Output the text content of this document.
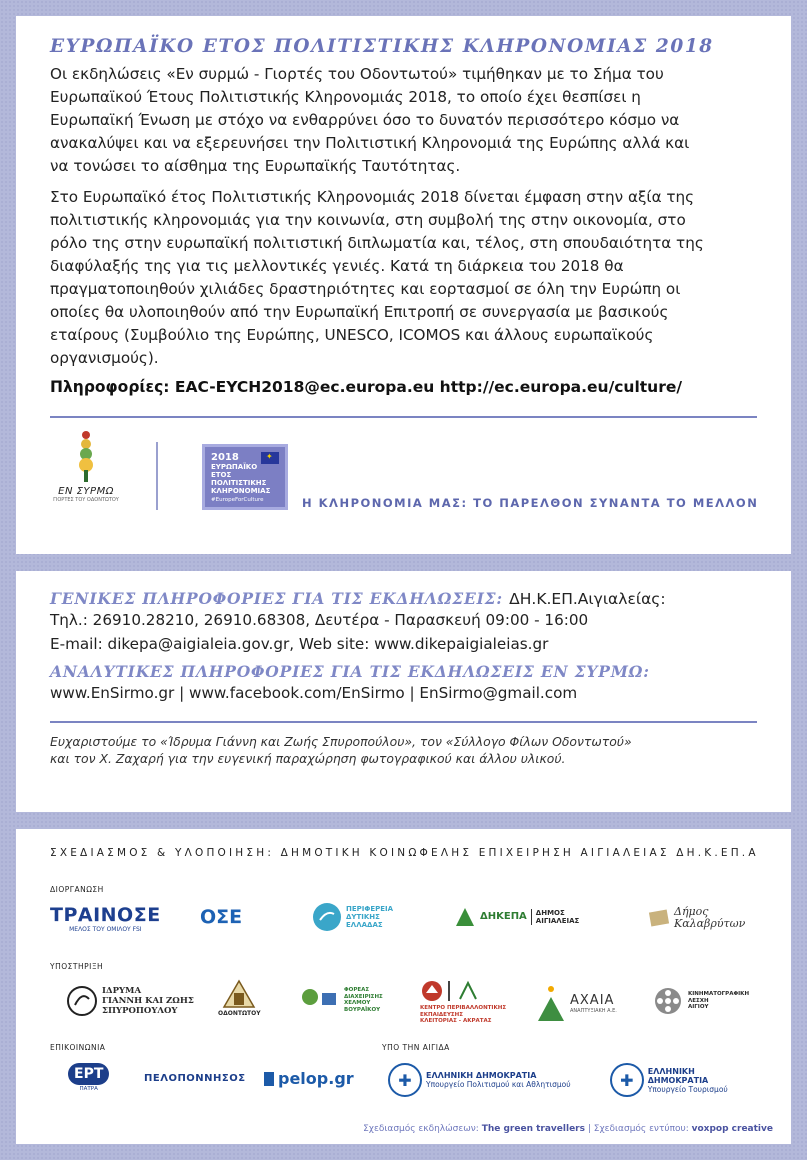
ΕΥΡΩΠΑΪΚΟ ΕΤΟΣ ΠΟΛΙΤΙΣΤΙΚΗΣ ΚΛΗΡΟΝΟΜΙΑΣ 2018
Οι εκδηλώσεις «Εν συρμώ - Γιορτές του Οδοντωτού» τιμήθηκαν με το Σήμα του
Ευρωπαϊκού Έτους Πολιτιστικής Κληρονομιάς 2018, το οποίο έχει θεσπίσει η
Ευρωπαϊκή Ένωση με στόχο να ενθαρρύνει όσο το δυνατόν περισσότερο κόσμο να
ανακαλύψει και να εξερευνήσει την Πολιτιστική Κληρονομιά της Ευρώπης αλλά και
να τονώσει το αίσθημα της Ευρωπαϊκής Ταυτότητας.
Στο Ευρωπαϊκό έτος Πολιτιστικής Κληρονομιάς 2018 δίνεται έμφαση στην αξία της
πολιτιστικής κληρονομιάς για την κοινωνία, στη συμβολή της στην οικονομία, στο
ρόλο της στην ευρωπαϊκή πολιτιστική διπλωματία και, τέλος, στη σπουδαιότητα της
διαφύλαξής της για τις μελλοντικές γενιές. Κατά τη διάρκεια του 2018 θα
πραγματοποιηθούν χιλιάδες δραστηριότητες και εορτασμοί σε όλη την Ευρώπη οι
οποίες θα υλοποιηθούν από την Ευρωπαϊκή Επιτροπή σε συνεργασία με βασικούς
εταίρους (Συμβούλιο της Ευρώπης, UNESCO, ICOMOS και άλλους ευρωπαϊκούς
οργανισμούς).
Πληροφορίες: EAC-EYCH2018@ec.europa.eu http://ec.europa.eu/culture/
ΕΝ ΣΥΡΜΩ
ΓΙΟΡΤΕΣ ΤΟΥ ΟΔΟΝΤΩΤΟΥ
✦
2018
ΕΥΡΩΠΑΪΚΟ ΕΤΟΣ
ΠΟΛΙΤΙΣΤΙΚΗΣ
ΚΛΗΡΟΝΟΜΙΑΣ
#EuropeForCulture	Η ΚΛΗΡΟΝΟΜΙΑ ΜΑΣ: ΤΟ ΠΑΡΕΛΘΟΝ ΣΥΝΑΝΤΑ ΤΟ ΜΕΛΛΟΝ
ΓΕΝΙΚΕΣ ΠΛΗΡΟΦΟΡΙΕΣ ΓΙΑ ΤΙΣ ΕΚΔΗΛΩΣΕΙΣ: ΔΗ.Κ.ΕΠ.Αιγιαλείας:
Τηλ.: 26910.28210, 26910.68308, Δευτέρα - Παρασκευή 09:00 - 16:00
E-mail: dikepa@aigialeia.gov.gr, Web site: www.dikepaigialeias.gr
ΑΝΑΛΥΤΙΚΕΣ ΠΛΗΡΟΦΟΡΙΕΣ ΓΙΑ ΤΙΣ ΕΚΔΗΛΩΣΕΙΣ ΕΝ ΣΥΡΜΩ:
www.EnSirmo.gr | www.facebook.com/EnSirmo | EnSirmo@gmail.com
Ευχαριστούμε το «Ίδρυμα Γιάννη και Ζωής Σπυροπούλου», τον «Σύλλογο Φίλων Οδοντωτού»
και τον Χ. Ζαχαρή για την ευγενική παραχώρηση φωτογραφικού και άλλου υλικού.
ΣΧΕΔΙΑΣΜΟΣ & ΥΛΟΠΟΙΗΣΗ: ΔΗΜΟΤΙΚΗ ΚΟΙΝΩΦΕΛΗΣ ΕΠΙΧΕΙΡΗΣΗ ΑΙΓΙΑΛΕΙΑΣ ΔΗ.Κ.ΕΠ.Α
ΔΙΟΡΓΑΝΩΣΗ
ΤΡΑΙΝΟΣΕ
ΜΕΛΟΣ ΤΟΥ ΟΜΙΛΟΥ FSI
ΟΣΕ	ΠΕΡΙΦΕΡΕΙΑ
ΔΥΤΙΚΗΣ
ΕΛΛΑΔΑΣ
ΔΗΚΕΠΑ ΔΗΜΟΣ
ΑΙΓΙΑΛΕΙΑΣ
Δήμος
Καλαβρύτων
ΥΠΟΣΤΗΡΙΞΗ
ΙΔΡΥΜΑ
ΓΙΑΝΝΗ ΚΑΙ ΖΩΗΣ
ΣΠΥΡΟΠΟΥΛΟΥ	ΟΔΟΝΤΩΤΟΥ
ΦΟΡΕΑΣ
ΔΙΑΧΕΙΡΙΣΗΣ
ΧΕΛΜΟΥ
ΒΟΥΡΑΪΚΟΥ	ΚΕΝΤΡΟ ΠΕΡΙΒΑΛΛΟΝΤΙΚΗΣ
ΕΚΠΑΙΔΕΥΣΗΣ
ΚΛΕΙΤΟΡΙΑΣ - ΑΚΡΑΤΑΣ
ΑΧΑΙΑ
ΑΝΑΠΤΥΞΙΑΚΗ Α.Ε.
ΚΙΝΗΜΑΤΟΓΡΑΦΙΚΗ
ΛΕΣΧΗ
ΑΙΓΙΟΥ
ΕΠΙΚΟΙΝΩΝΙΑ	ΥΠΟ ΤΗΝ ΑΙΓΙΔΑ
ΕΡΤ
ΠΑΤΡΑ
ΠΕΛΟΠΟΝΝΗΣΟΣ pelop.gr	✚	ΕΛΛΗΝΙΚΗ ΔΗΜΟΚΡΑΤΙΑ
Υπουργείο Πολιτισμού και Αθλητισμού	✚	ΕΛΛΗΝΙΚΗ ΔΗΜΟΚΡΑΤΙΑ
Υπουργείο Τουρισμού
Σχεδιασμός εκδηλώσεων: The green travellers | Σχεδιασμός εντύπου: voxpop creative
